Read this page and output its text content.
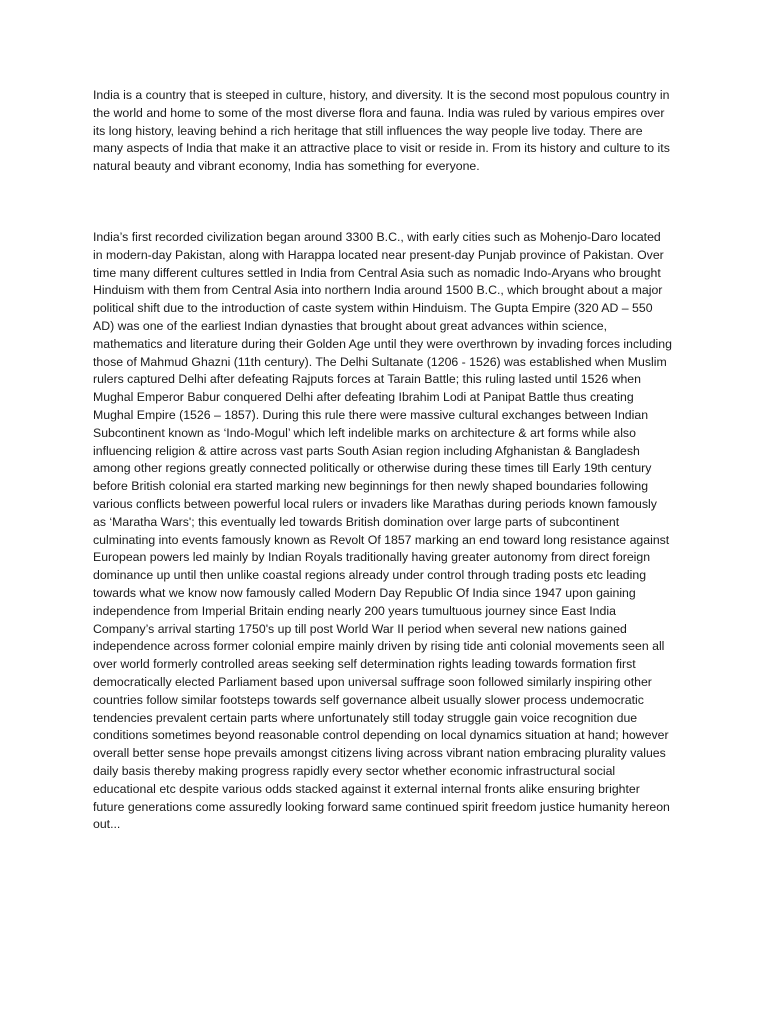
India is a country that is steeped in culture, history, and diversity. It is the second most populous country in the world and home to some of the most diverse flora and fauna. India was ruled by various empires over its long history, leaving behind a rich heritage that still influences the way people live today. There are many aspects of India that make it an attractive place to visit or reside in. From its history and culture to its natural beauty and vibrant economy, India has something for everyone.

India’s first recorded civilization began around 3300 B.C., with early cities such as Mohenjo-Daro located in modern-day Pakistan, along with Harappa located near present-day Punjab province of Pakistan. Over time many different cultures settled in India from Central Asia such as nomadic Indo-Aryans who brought Hinduism with them from Central Asia into northern India around 1500 B.C., which brought about a major political shift due to the introduction of caste system within Hinduism. The Gupta Empire (320 AD – 550 AD) was one of the earliest Indian dynasties that brought about great advances within science, mathematics and literature during their Golden Age until they were overthrown by invading forces including those of Mahmud Ghazni (11th century). The Delhi Sultanate (1206 - 1526) was established when Muslim rulers captured Delhi after defeating Rajputs forces at Tarain Battle; this ruling lasted until 1526 when Mughal Emperor Babur conquered Delhi after defeating Ibrahim Lodi at Panipat Battle thus creating Mughal Empire (1526 – 1857). During this rule there were massive cultural exchanges between Indian Subcontinent known as ‘Indo-Mogul’ which left indelible marks on architecture & art forms while also influencing religion & attire across vast parts South Asian region including Afghanistan & Bangladesh among other regions greatly connected politically or otherwise during these times till Early 19th century before British colonial era started marking new beginnings for then newly shaped boundaries following various conflicts between powerful local rulers or invaders like Marathas during periods known famously as ‘Maratha Wars'; this eventually led towards British domination over large parts of subcontinent culminating into events famously known as Revolt Of 1857 marking an end toward long resistance against European powers led mainly by Indian Royals traditionally having greater autonomy from direct foreign dominance up until then unlike coastal regions already under control through trading posts etc leading towards what we know now famously called Modern Day Republic Of India since 1947 upon gaining independence from Imperial Britain ending nearly 200 years tumultuous journey since East India Company’s arrival starting 1750's up till post World War II period when several new nations gained independence across former colonial empire mainly driven by rising tide anti colonial movements seen all over world formerly controlled areas seeking self determination rights leading towards formation first democratically elected Parliament based upon universal suffrage soon followed similarly inspiring other countries follow similar footsteps towards self governance albeit usually slower process undemocratic tendencies prevalent certain parts where unfortunately still today struggle gain voice recognition due conditions sometimes beyond reasonable control depending on local dynamics situation at hand; however overall better sense hope prevails amongst citizens living across vibrant nation embracing plurality values daily basis thereby making progress rapidly every sector whether economic infrastructural social educational etc despite various odds stacked against it external internal fronts alike ensuring brighter future generations come assuredly looking forward same continued spirit freedom justice humanity hereon out...
